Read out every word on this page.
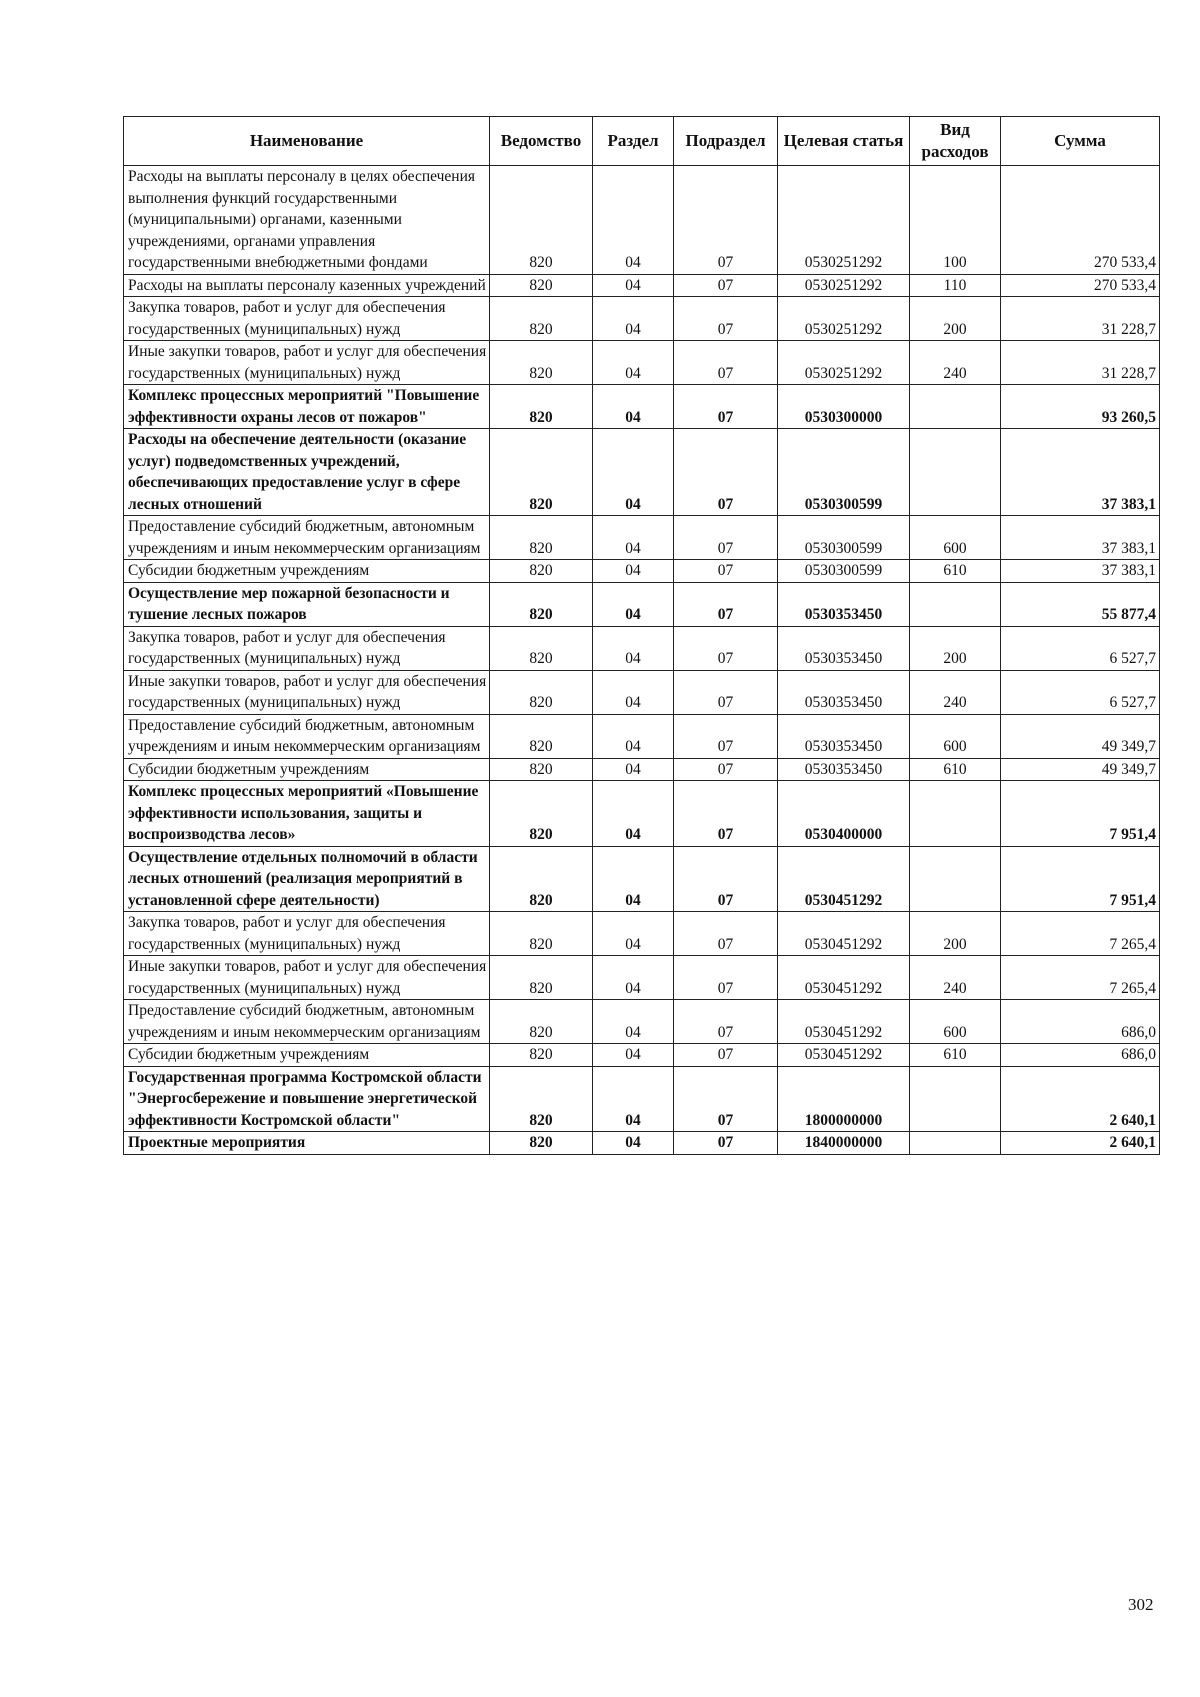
Наименование	Ведомство	Раздел	Подраздел	Целевая статья	Вид расходов	Сумма
Расходы на выплаты персоналу в целях обеспечения выполнения функций государственными (муниципальными) органами, казенными учреждениями, органами управления государственными внебюджетными фондами	820	04	07	0530251292	100	270 533,4
Расходы на выплаты персоналу казенных учреждений	820	04	07	0530251292	110	270 533,4
Закупка товаров, работ и услуг для обеспечения государственных (муниципальных) нужд	820	04	07	0530251292	200	31 228,7
Иные закупки товаров, работ и услуг для обеспечения государственных (муниципальных) нужд	820	04	07	0530251292	240	31 228,7
Комплекс процессных мероприятий "Повышение эффективности охраны лесов от пожаров"	820	04	07	0530300000		93 260,5
Расходы на обеспечение деятельности (оказание услуг) подведомственных учреждений, обеспечивающих предоставление услуг в сфере лесных отношений	820	04	07	0530300599		37 383,1
Предоставление субсидий бюджетным, автономным учреждениям и иным некоммерческим организациям	820	04	07	0530300599	600	37 383,1
Субсидии бюджетным учреждениям	820	04	07	0530300599	610	37 383,1
Осуществление мер пожарной безопасности и тушение лесных пожаров	820	04	07	0530353450		55 877,4
Закупка товаров, работ и услуг для обеспечения государственных (муниципальных) нужд	820	04	07	0530353450	200	6 527,7
Иные закупки товаров, работ и услуг для обеспечения государственных (муниципальных) нужд	820	04	07	0530353450	240	6 527,7
Предоставление субсидий бюджетным, автономным учреждениям и иным некоммерческим организациям	820	04	07	0530353450	600	49 349,7
Субсидии бюджетным учреждениям	820	04	07	0530353450	610	49 349,7
Комплекс процессных мероприятий «Повышение эффективности использования, защиты и воспроизводства лесов»	820	04	07	0530400000		7 951,4
Осуществление отдельных полномочий в области лесных отношений (реализация мероприятий в установленной сфере деятельности)	820	04	07	0530451292		7 951,4
Закупка товаров, работ и услуг для обеспечения государственных (муниципальных) нужд	820	04	07	0530451292	200	7 265,4
Иные закупки товаров, работ и услуг для обеспечения государственных (муниципальных) нужд	820	04	07	0530451292	240	7 265,4
Предоставление субсидий бюджетным, автономным учреждениям и иным некоммерческим организациям	820	04	07	0530451292	600	686,0
Субсидии бюджетным учреждениям	820	04	07	0530451292	610	686,0
Государственная программа Костромской области "Энергосбережение и повышение энергетической эффективности Костромской области"	820	04	07	1800000000		2 640,1
Проектные мероприятия	820	04	07	1840000000		2 640,1
302
